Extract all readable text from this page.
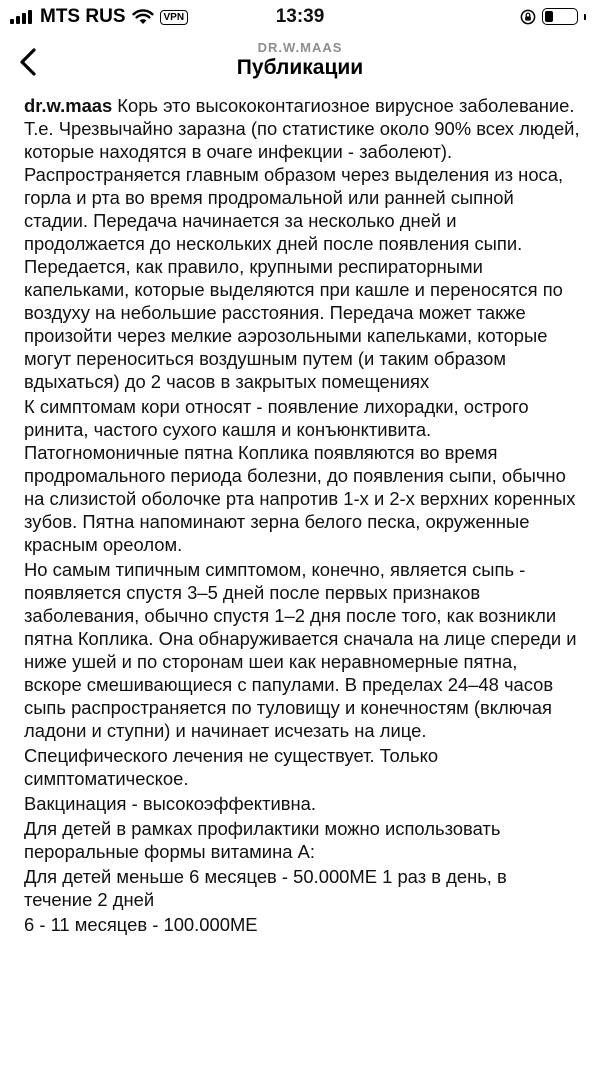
MTS RUS	VPN	13:39
DR.W.MAAS
Публикации

dr.w.maas Корь это высококонтагиозное вирусное заболевание. Т.е. Чрезвычайно заразна (по статистике около 90% всех людей, которые находятся в очаге инфекции - заболеют). Распространяется главным образом через выделения из носа, горла и рта во время продромальной или ранней сыпной стадии. Передача начинается за несколько дней и продолжается до нескольких дней после появления сыпи. Передается, как правило, крупными респираторными капельками, которые выделяются при кашле и переносятся по воздуху на небольшие расстояния. Передача может также произойти через мелкие аэрозольными капельками, которые могут переноситься воздушным путем (и таким образом вдыхаться) до 2 часов в закрытых помещениях

К симптомам кори относят - появление лихорадки, острого ринита, частого сухого кашля и конъюнктивита. Патогномоничные пятна Коплика появляются во время продромального периода болезни, до появления сыпи, обычно на слизистой оболочке рта напротив 1-х и 2-х верхних коренных зубов. Пятна напоминают зерна белого песка, окруженные красным ореолом.

Но самым типичным симптомом, конечно, является сыпь - появляется спустя 3–5 дней после первых признаков заболевания, обычно спустя 1–2 дня после того, как возникли пятна Коплика. Она обнаруживается сначала на лице спереди и ниже ушей и по сторонам шеи как неравномерные пятна, вскоре смешивающиеся с папулами. В пределах 24–48 часов сыпь распространяется по туловищу и конечностям (включая ладони и ступни) и начинает исчезать на лице.

Специфического лечения не существует. Только симптоматическое.

Вакцинация - высокоэффективна.

Для детей в рамках профилактики можно использовать пероральные формы витамина А:

Для детей меньше 6 месяцев - 50.000МЕ 1 раз в день, в течение 2 дней

6 - 11 месяцев - 100.000МЕ
